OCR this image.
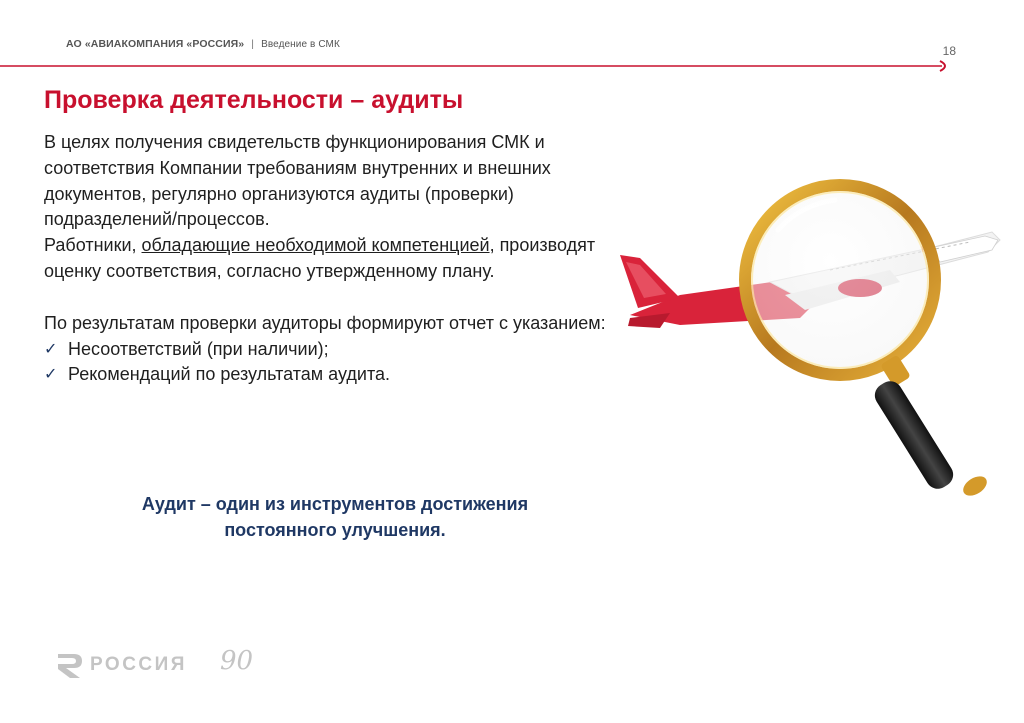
АО «АВИАКОМПАНИЯ «РОССИЯ» | Введение в СМК	18
Проверка деятельности – аудиты

В целях получения свидетельств функционирования СМК и соответствия Компании требованиям внутренних и внешних документов, регулярно организуются аудиты (проверки) подразделений/процессов.

Работники, обладающие необходимой компетенцией, производят оценку соответствия, согласно утвержденному плану.

По результатам проверки аудиторы формируют отчет с указанием:

✓ Несоответствий (при наличии);
✓ Рекомендаций по результатам аудита.
Аудит – один из инструментов достижения
постоянного улучшения.
РОССИЯ 90
